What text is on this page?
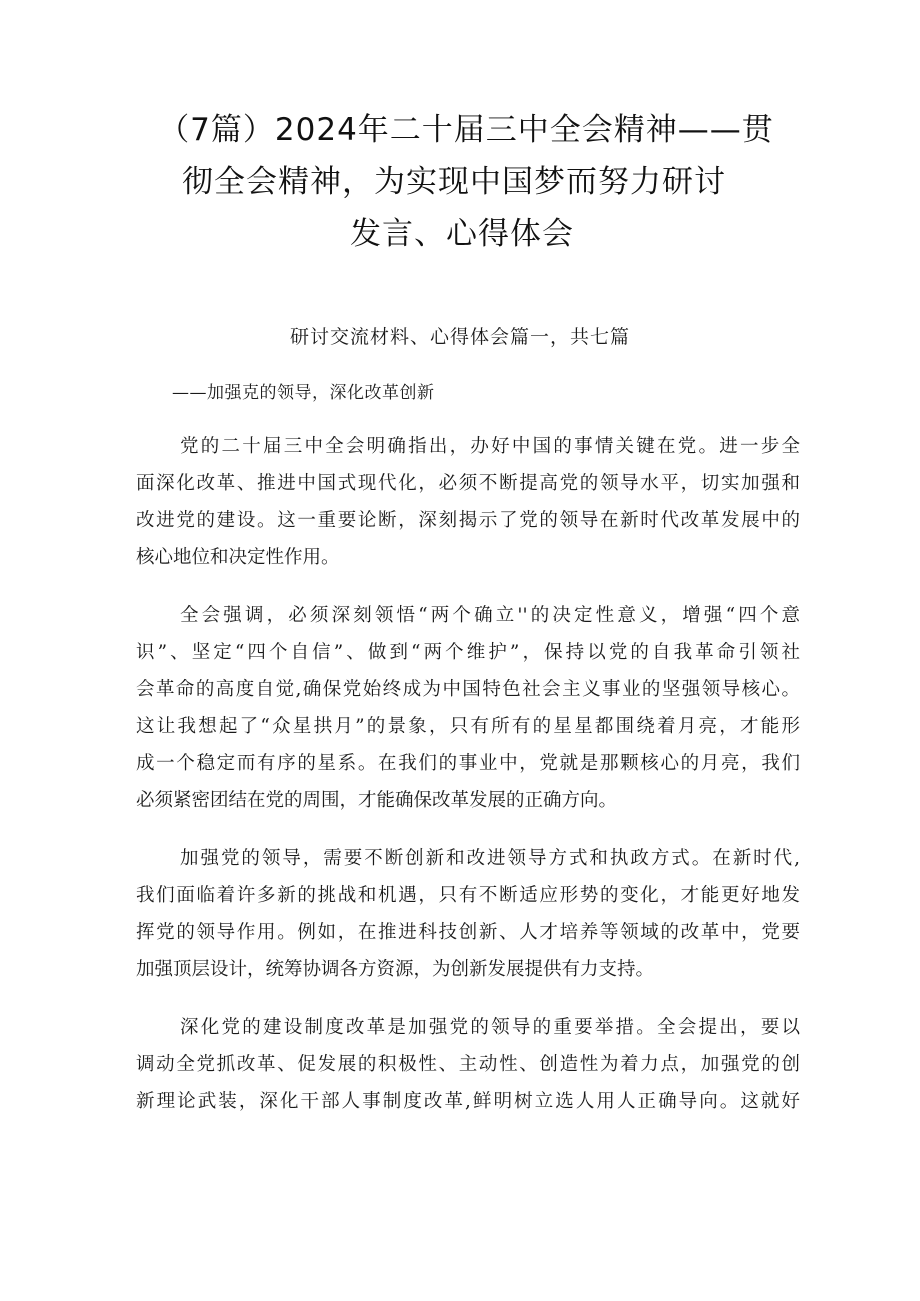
（7篇）2024年二十届三中全会精神——贯
彻全会精神，为实现中国梦而努力研讨
发言、心得体会
研讨交流材料、心得体会篇一，共七篇
——加强克的领导，深化改革创新

党的二十届三中全会明确指出，办好中国的事情关键在党。进一步全
面深化改革、推进中国式现代化，必须不断提高党的领导水平，切实加强和
改进党的建设。这一重要论断，深刻揭示了党的领导在新时代改革发展中的
核心地位和决定性作用。

全会强调，必须深刻领悟“两个确立''的决定性意义，增强“四个意
识”、坚定“四个自信”、做到“两个维护”，保持以党的自我革命引领社
会革命的高度自觉,确保党始终成为中国特色社会主义事业的坚强领导核心。
这让我想起了“众星拱月”的景象，只有所有的星星都围绕着月亮，才能形
成一个稳定而有序的星系。在我们的事业中，党就是那颗核心的月亮，我们
必须紧密团结在党的周围，才能确保改革发展的正确方向。

加强党的领导，需要不断创新和改进领导方式和执政方式。在新时代,
我们面临着许多新的挑战和机遇，只有不断适应形势的变化，才能更好地发
挥党的领导作用。例如，在推进科技创新、人才培养等领域的改革中，党要
加强顶层设计，统筹协调各方资源，为创新发展提供有力支持。

深化党的建设制度改革是加强党的领导的重要举措。全会提出，要以
调动全党抓改革、促发展的积极性、主动性、创造性为着力点，加强党的创
新理论武装，深化干部人事制度改革,鲜明树立选人用人正确导向。这就好
